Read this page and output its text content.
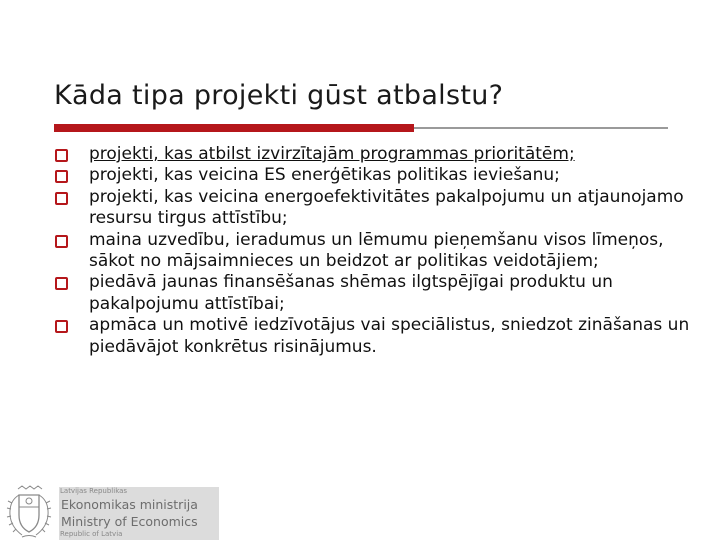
Kāda tipa projekti gūst atbalstu?
projekti, kas atbilst izvirzītajām programmas prioritātēm;
projekti, kas veicina ES enerģētikas politikas ieviešanu;
projekti, kas veicina energoefektivitātes pakalpojumu un atjaunojamo resursu tirgus attīstību;
maina uzvedību, ieradumus un lēmumu pieņemšanu visos līmeņos, sākot no mājsaimnieces un beidzot ar politikas veidotājiem;
piedāvā jaunas finansēšanas shēmas ilgtspējīgai produktu un pakalpojumu attīstībai;
apmāca un motivē iedzīvotājus vai speciālistus, sniedzot zināšanas un piedāvājot konkrētus risinājumus.
Latvijas Republikas
Ekonomikas ministrija
Ministry of Economics
Republic of Latvia
